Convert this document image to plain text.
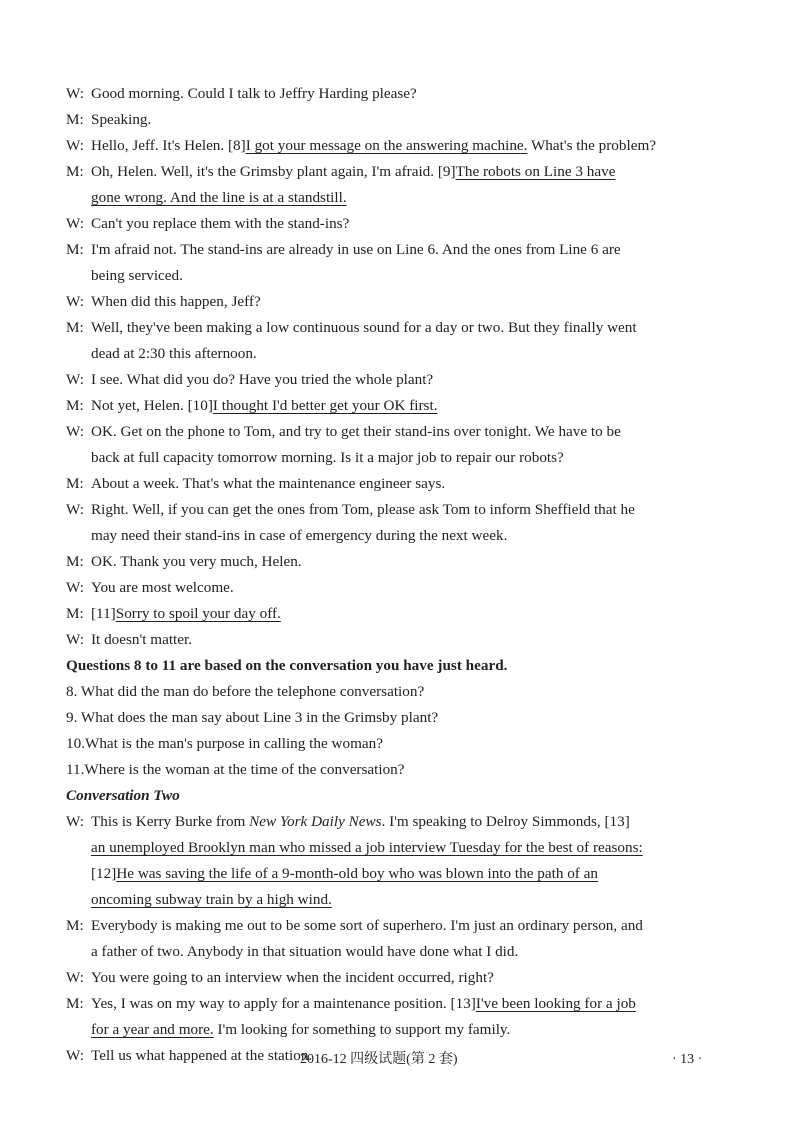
W: Good morning. Could I talk to Jeffry Harding please?
M: Speaking.
W: Hello, Jeff. It's Helen. [8]I got your message on the answering machine. What's the problem?
M: Oh, Helen. Well, it's the Grimsby plant again, I'm afraid. [9]The robots on Line 3 have
gone wrong. And the line is at a standstill.
W: Can't you replace them with the stand-ins?
M: I'm afraid not. The stand-ins are already in use on Line 6. And the ones from Line 6 are
being serviced.
W: When did this happen, Jeff?
M: Well, they've been making a low continuous sound for a day or two. But they finally went
dead at 2:30 this afternoon.
W: I see. What did you do? Have you tried the whole plant?
M: Not yet, Helen. [10]I thought I'd better get your OK first.
W: OK. Get on the phone to Tom, and try to get their stand-ins over tonight. We have to be
back at full capacity tomorrow morning. Is it a major job to repair our robots?
M: About a week. That's what the maintenance engineer says.
W: Right. Well, if you can get the ones from Tom, please ask Tom to inform Sheffield that he
may need their stand-ins in case of emergency during the next week.
M: OK. Thank you very much, Helen.
W: You are most welcome.
M: [11]Sorry to spoil your day off.
W: It doesn't matter.
Questions 8 to 11 are based on the conversation you have just heard.
8. What did the man do before the telephone conversation?
9. What does the man say about Line 3 in the Grimsby plant?
10.What is the man's purpose in calling the woman?
11.Where is the woman at the time of the conversation?
Conversation Two
W: This is Kerry Burke from New York Daily News. I'm speaking to Delroy Simmonds, [13]
an unemployed Brooklyn man who missed a job interview Tuesday for the best of reasons:
[12]He was saving the life of a 9-month-old boy who was blown into the path of an
oncoming subway train by a high wind.
M: Everybody is making me out to be some sort of superhero. I'm just an ordinary person, and
a father of two. Anybody in that situation would have done what I did.
W: You were going to an interview when the incident occurred, right?
M: Yes, I was on my way to apply for a maintenance position. [13]I've been looking for a job
for a year and more. I'm looking for something to support my family.
W: Tell us what happened at the station.
2016-12 四级试题(第 2 套)	· 13 ·
